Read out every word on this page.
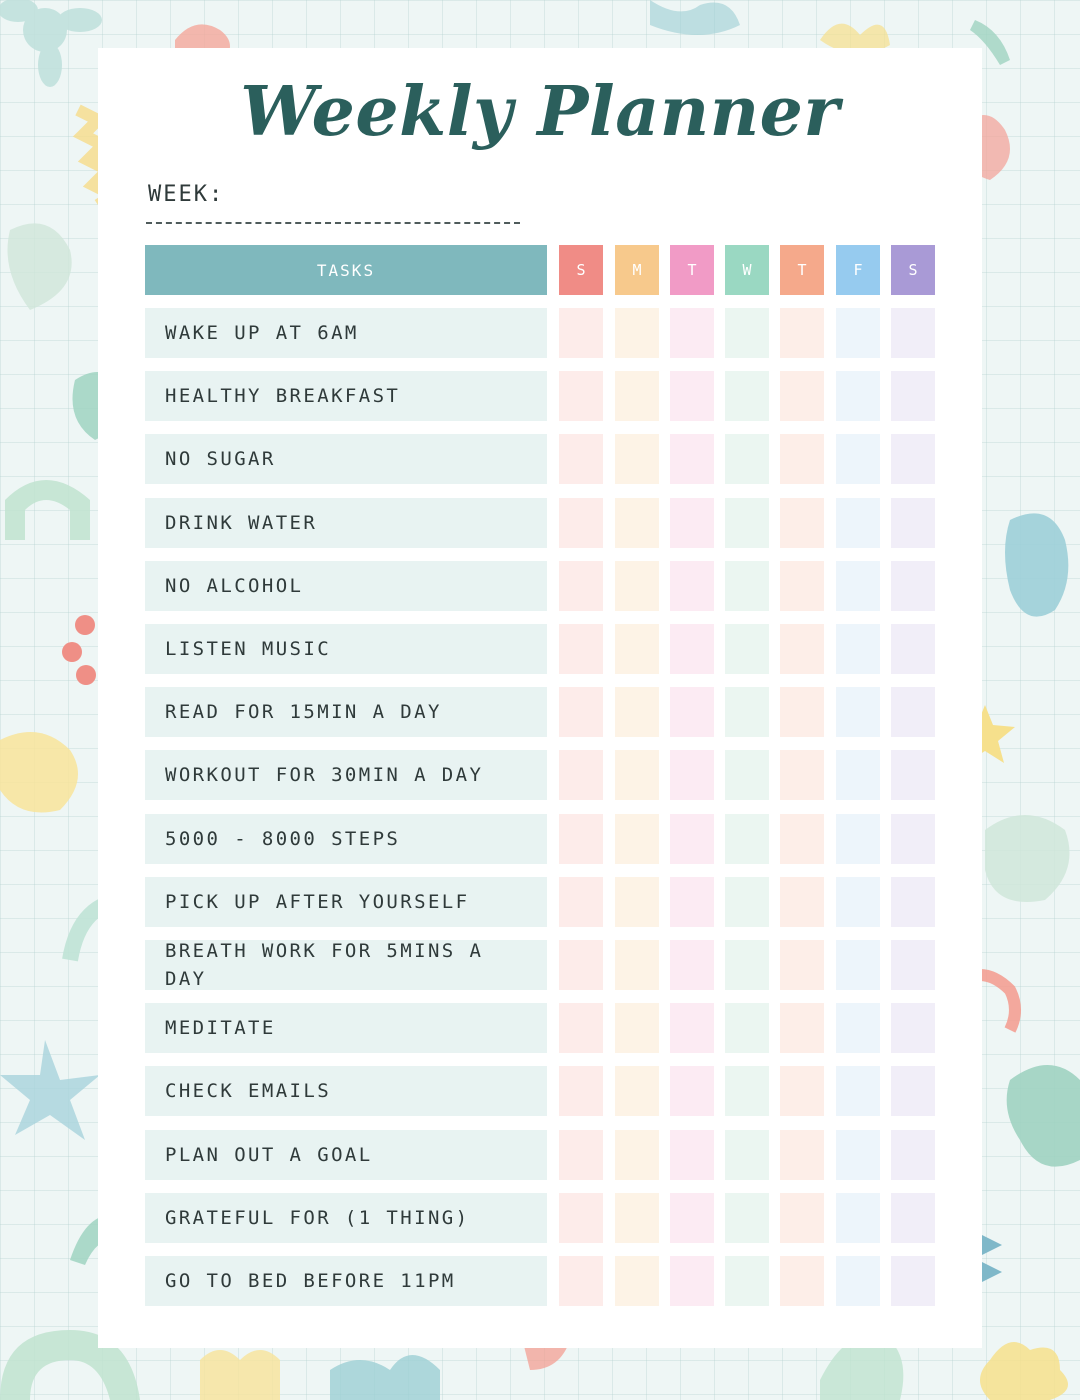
Weekly Planner
WEEK:
TASKS	S	M	T	W	T	F	S
WAKE UP AT 6AM
HEALTHY BREAKFAST
NO SUGAR
DRINK WATER
NO ALCOHOL
LISTEN MUSIC
READ FOR 15MIN A DAY
WORKOUT FOR 30MIN A DAY
5000 - 8000 STEPS
PICK UP AFTER YOURSELF
BREATH WORK FOR 5MINS A DAY
MEDITATE
CHECK EMAILS
PLAN OUT A GOAL
GRATEFUL FOR (1 THING)
GO TO BED BEFORE 11PM
